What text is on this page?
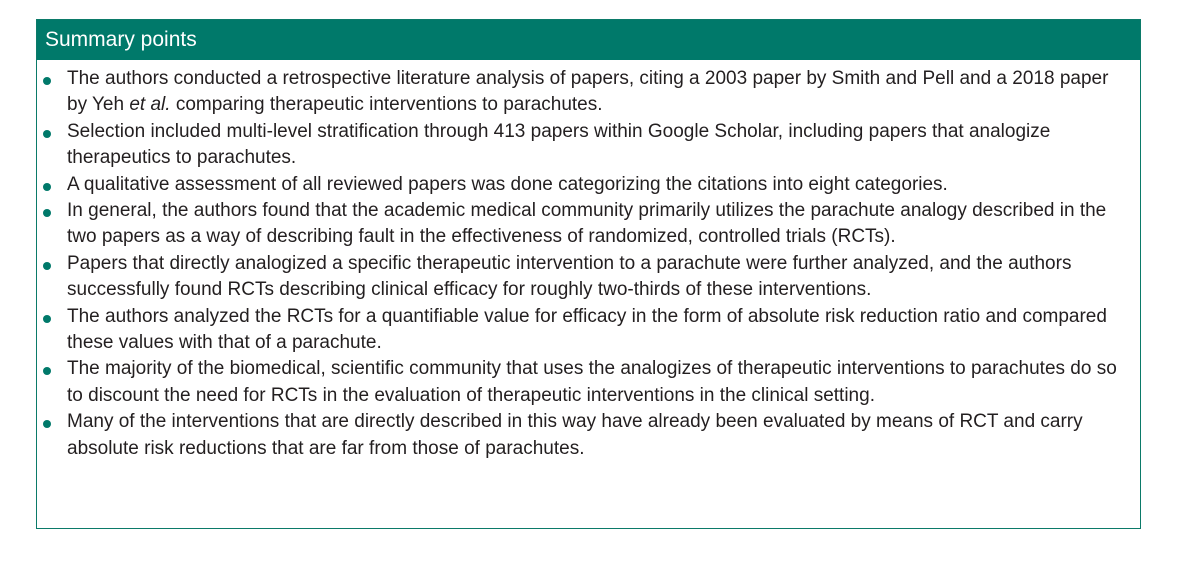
Summary points
The authors conducted a retrospective literature analysis of papers, citing a 2003 paper by Smith and Pell and a 2018 paper by Yeh et al. comparing therapeutic interventions to parachutes.
Selection included multi-level stratification through 413 papers within Google Scholar, including papers that analogize therapeutics to parachutes.
A qualitative assessment of all reviewed papers was done categorizing the citations into eight categories.
In general, the authors found that the academic medical community primarily utilizes the parachute analogy described in the two papers as a way of describing fault in the effectiveness of randomized, controlled trials (RCTs).
Papers that directly analogized a specific therapeutic intervention to a parachute were further analyzed, and the authors successfully found RCTs describing clinical efficacy for roughly two-thirds of these interventions.
The authors analyzed the RCTs for a quantifiable value for efficacy in the form of absolute risk reduction ratio and compared these values with that of a parachute.
The majority of the biomedical, scientific community that uses the analogizes of therapeutic interventions to parachutes do so to discount the need for RCTs in the evaluation of therapeutic interventions in the clinical setting.
Many of the interventions that are directly described in this way have already been evaluated by means of RCT and carry absolute risk reductions that are far from those of parachutes.
